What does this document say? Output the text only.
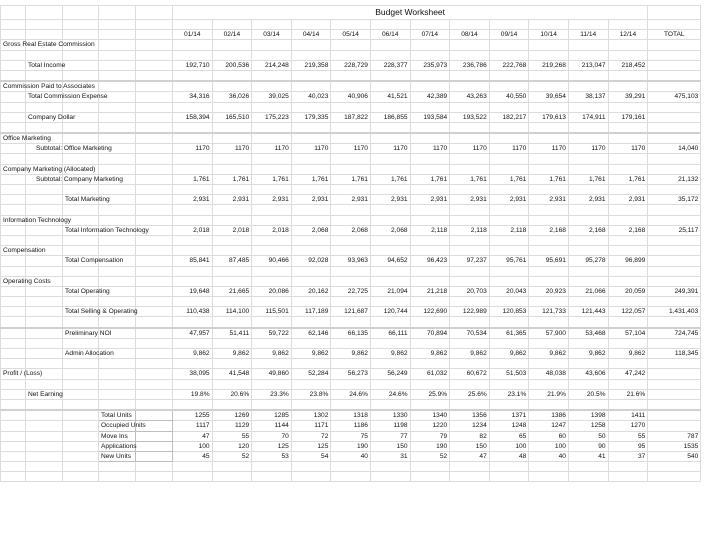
					Budget Worksheet												

					01/14	02/14	03/14	04/14	05/14	06/14	07/14	08/14	09/14	10/14	11/14	12/14	TOTAL

Gross Real Estate Commission																	

	Total Income				192,710	200,536	214,248	219,358	228,729	228,377	235,973	236,786	222,768	219,268	213,047	218,452	

Commission Paid to Associates																	

	Total Commission Expense				34,316	36,026	39,025	40,023	40,906	41,521	42,389	43,263	40,550	39,654	38,137	39,291	475,103

	Company Dollar				158,394	165,510	175,223	179,335	187,822	186,855	193,584	193,522	182,217	179,613	174,911	179,161	

Office Marketing																	

	Subtotal: Office Marketing				1170	1170	1170	1170	1170	1170	1170	1170	1170	1170	1170	1170	14,040

Company Marketing (Allocated)																	

	Subtotal: Company Marketing				1,761	1,761	1,761	1,761	1,761	1,761	1,761	1,761	1,761	1,761	1,761	1,761	21,132

		Total Marketing			2,931	2,931	2,931	2,931	2,931	2,931	2,931	2,931	2,931	2,931	2,931	2,931	35,172

Information Technology																	

		Total Information Technology			2,018	2,018	2,018	2,068	2,068	2,068	2,118	2,118	2,118	2,168	2,168	2,168	25,117

Compensation																	

		Total Compensation			85,841	87,485	90,466	92,028	93,963	94,652	96,423	97,237	95,761	95,691	95,278	96,899	

Operating Costs																	

		Total Operating			19,648	21,665	20,086	20,162	22,725	21,094	21,218	20,703	20,043	20,923	21,066	20,059	249,391

		Total Selling & Operating			110,438	114,100	115,501	117,189	121,687	120,744	122,690	122,989	120,853	121,733	121,443	122,057	1,431,403

		Preliminary NOI			47,957	51,411	59,722	62,146	66,135	66,111	70,894	70,534	61,365	57,900	53,468	57,104	724,745

		Admin Allocation			9,862	9,862	9,862	9,862	9,862	9,862	9,862	9,862	9,862	9,862	9,862	9,862	118,345

Profit / (Loss)					38,095	41,548	49,860	52,284	56,273	56,249	61,032	60,672	51,503	48,038	43,606	47,242	

	Net Earning				19.8%	20.6%	23.3%	23.8%	24.6%	24.6%	25.9%	25.6%	23.1%	21.9%	20.5%	21.6%	

			Total Units		1255	1269	1285	1302	1318	1330	1340	1356	1371	1386	1398	1411	

			Occupied Units		1117	1129	1144	1171	1186	1198	1220	1234	1248	1247	1258	1270	

			Move Ins		47	55	70	72	75	77	79	82	65	60	50	55	787

			Applications		100	120	125	125	190	150	190	150	100	100	90	95	1535

			New Units		45	52	53	54	40	31	52	47	48	40	41	37	540
